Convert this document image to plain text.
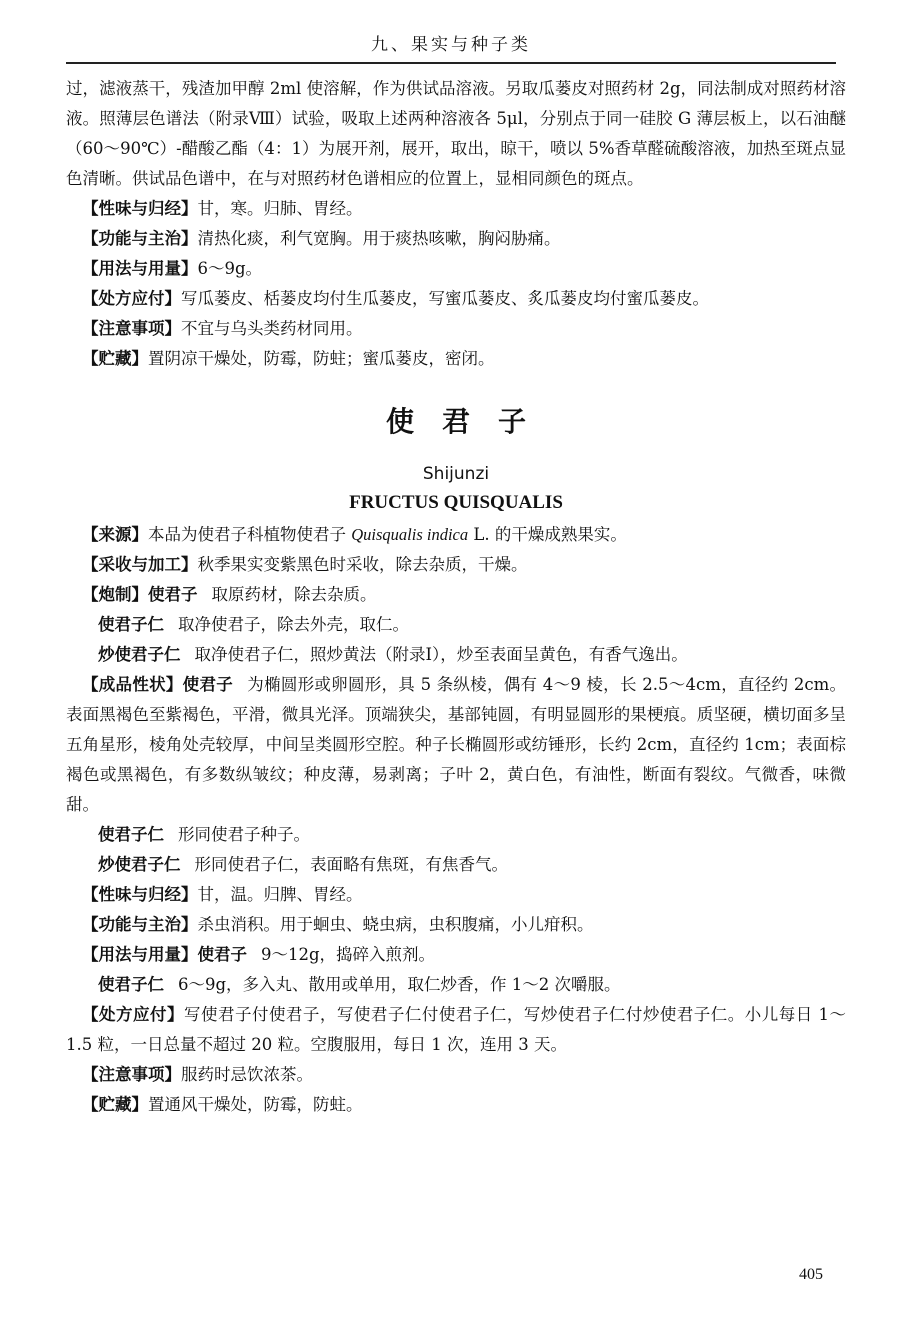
九、果实与种子类

过，滤液蒸干，残渣加甲醇 2ml 使溶解，作为供试品溶液。另取瓜蒌皮对照药材 2g，同法制成对照药材溶液。照薄层色谱法（附录Ⅷ）试验，吸取上述两种溶液各 5μl，分别点于同一硅胶 G 薄层板上，以石油醚（60～90℃）-醋酸乙酯（4：1）为展开剂，展开，取出，晾干，喷以 5%香草醛硫酸溶液，加热至斑点显色清晰。供试品色谱中，在与对照药材色谱相应的位置上，显相同颜色的斑点。

【性味与归经】甘，寒。归肺、胃经。

【功能与主治】清热化痰，利气宽胸。用于痰热咳嗽，胸闷胁痛。

【用法与用量】6～9g。

【处方应付】写瓜蒌皮、栝蒌皮均付生瓜蒌皮，写蜜瓜蒌皮、炙瓜蒌皮均付蜜瓜蒌皮。

【注意事项】不宜与乌头类药材同用。

【贮藏】置阴凉干燥处，防霉，防蛀；蜜瓜蒌皮，密闭。

使君子
Shijunzi
FRUCTUS QUISQUALIS

【来源】本品为使君子科植物使君子 Quisqualis indica L. 的干燥成熟果实。

【采收与加工】秋季果实变紫黑色时采收，除去杂质，干燥。

【炮制】使君子 取原药材，除去杂质。

使君子仁 取净使君子，除去外壳，取仁。

炒使君子仁 取净使君子仁，照炒黄法（附录Ⅰ），炒至表面呈黄色，有香气逸出。

【成品性状】使君子 为椭圆形或卵圆形，具 5 条纵棱，偶有 4～9 棱，长 2.5～4cm，直径约 2cm。表面黑褐色至紫褐色，平滑，微具光泽。顶端狭尖，基部钝圆，有明显圆形的果梗痕。质坚硬，横切面多呈五角星形，棱角处壳较厚，中间呈类圆形空腔。种子长椭圆形或纺锤形，长约 2cm，直径约 1cm；表面棕褐色或黑褐色，有多数纵皱纹；种皮薄，易剥离；子叶 2，黄白色，有油性，断面有裂纹。气微香，味微甜。

使君子仁 形同使君子种子。

炒使君子仁 形同使君子仁，表面略有焦斑，有焦香气。

【性味与归经】甘，温。归脾、胃经。

【功能与主治】杀虫消积。用于蛔虫、蛲虫病，虫积腹痛，小儿疳积。

【用法与用量】使君子 9～12g，捣碎入煎剂。

使君子仁 6～9g，多入丸、散用或单用，取仁炒香，作 1～2 次嚼服。

【处方应付】写使君子付使君子，写使君子仁付使君子仁，写炒使君子仁付炒使君子仁。小儿每日 1～1.5 粒，一日总量不超过 20 粒。空腹服用，每日 1 次，连用 3 天。

【注意事项】服药时忌饮浓茶。

【贮藏】置通风干燥处，防霉，防蛀。

405
